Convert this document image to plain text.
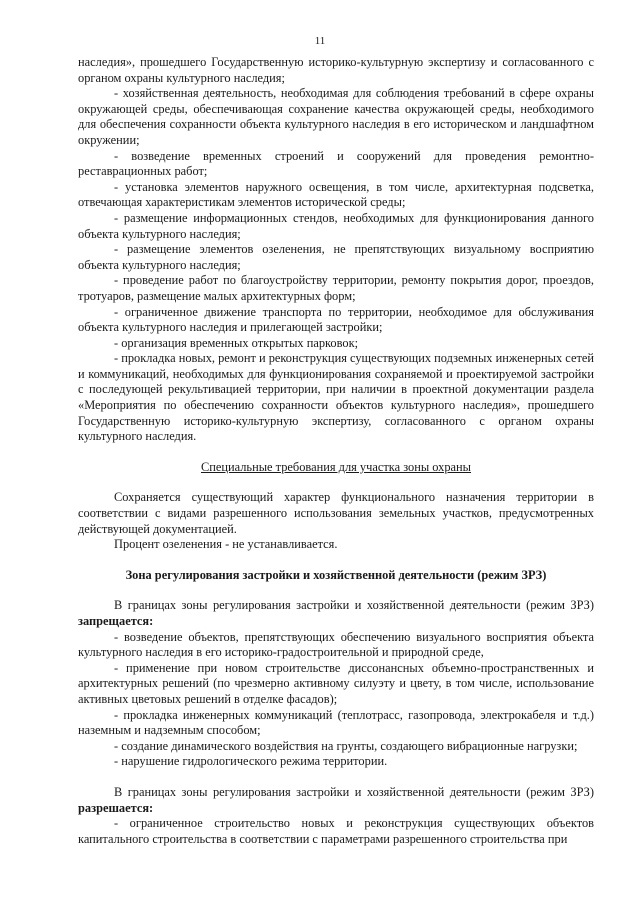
11

наследия», прошедшего Государственную историко-культурную экспертизу и согласованного с органом охраны культурного наследия;

- хозяйственная деятельность, необходимая для соблюдения требований в сфере охраны окружающей среды, обеспечивающая сохранение качества окружающей среды, необходимого для обеспечения сохранности объекта культурного наследия в его историческом и ландшафтном окружении;

- возведение временных строений и сооружений для проведения ремонтно-реставрационных работ;

- установка элементов наружного освещения, в том числе, архитектурная подсветка, отвечающая характеристикам элементов исторической среды;

- размещение информационных стендов, необходимых для функционирования данного объекта культурного наследия;

- размещение элементов озеленения, не препятствующих визуальному восприятию объекта культурного наследия;

- проведение работ по благоустройству территории, ремонту покрытия дорог, проездов, тротуаров, размещение малых архитектурных форм;

- ограниченное движение транспорта по территории, необходимое для обслуживания объекта культурного наследия и прилегающей застройки;

- организация временных открытых парковок;

- прокладка новых, ремонт и реконструкция существующих подземных инженерных сетей и коммуникаций, необходимых для функционирования сохраняемой и проектируемой застройки с последующей рекультивацией территории, при наличии в проектной документации раздела «Мероприятия по обеспечению сохранности объектов культурного наследия», прошедшего Государственную историко-культурную экспертизу, согласованного с органом охраны культурного наследия.

Специальные требования для участка зоны охраны

Сохраняется существующий характер функционального назначения территории в соответствии с видами разрешенного использования земельных участков, предусмотренных действующей документацией.

Процент озеленения - не устанавливается.

Зона регулирования застройки и хозяйственной деятельности (режим ЗРЗ)

В границах зоны регулирования застройки и хозяйственной деятельности (режим ЗРЗ) запрещается:

- возведение объектов, препятствующих обеспечению визуального восприятия объекта культурного наследия в его историко-градостроительной и природной среде,

- применение при новом строительстве диссонансных объемно-пространственных и архитектурных решений (по чрезмерно активному силуэту и цвету, в том числе, использование активных цветовых решений в отделке фасадов);

- прокладка инженерных коммуникаций (теплотрасс, газопровода, электрокабеля и т.д.) наземным и надземным способом;

- создание динамического воздействия на грунты, создающего вибрационные нагрузки;

- нарушение гидрологического режима территории.

В границах зоны регулирования застройки и хозяйственной деятельности (режим ЗРЗ) разрешается:

- ограниченное строительство новых и реконструкция существующих объектов капитального строительства в соответствии с параметрами разрешенного строительства при
